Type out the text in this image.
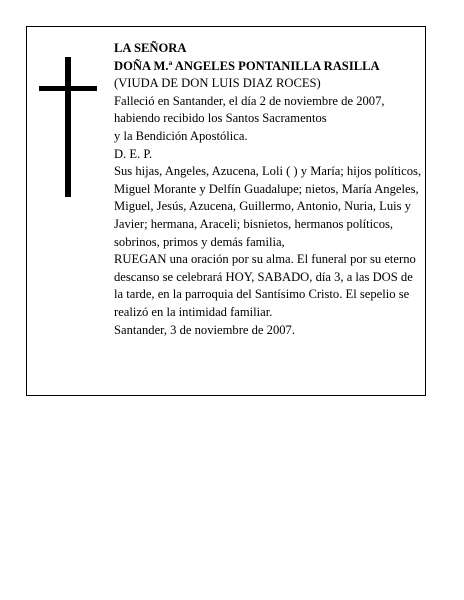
LA SEÑORA

DOÑA M.ª ANGELES PONTANILLA RASILLA

(VIUDA DE DON LUIS DIAZ ROCES)

Falleció en Santander, el día 2 de noviembre de 2007,

habiendo recibido los Santos Sacramentos

y la Bendición Apostólica.

D. E. P.

Sus hijas, Angeles, Azucena, Loli ( ) y María; hijos políticos, Miguel Morante y Delfín Guadalupe; nietos, María Angeles, Miguel, Jesús, Azucena, Guillermo, Antonio, Nuria, Luis y Javier; hermana, Araceli; bisnietos, hermanos políticos, sobrinos, primos y demás familia,

RUEGAN una oración por su alma. El funeral por su eterno descanso se celebrará HOY, SABADO, día 3, a las DOS de la tarde, en la parroquia del Santísimo Cristo. El sepelio se realizó en la intimidad familiar.

Santander, 3 de noviembre de 2007.
